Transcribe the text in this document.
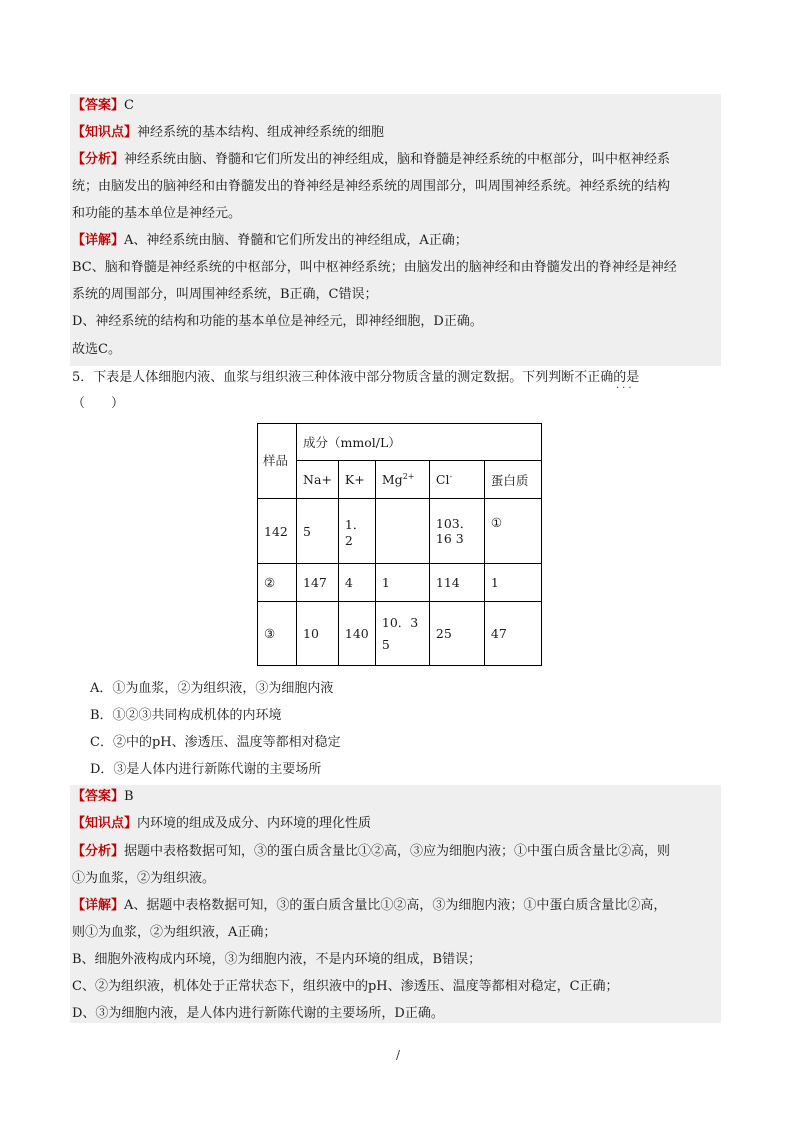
【答案】C
【知识点】神经系统的基本结构、组成神经系统的细胞
【分析】神经系统由脑、脊髓和它们所发出的神经组成，脑和脊髓是神经系统的中枢部分，叫中枢神经系
统；由脑发出的脑神经和由脊髓发出的脊神经是神经系统的周围部分，叫周围神经系统。神经系统的结构
和功能的基本单位是神经元。
【详解】A、神经系统由脑、脊髓和它们所发出的神经组成，A正确；
BC、脑和脊髓是神经系统的中枢部分，叫中枢神经系统；由脑发出的脑神经和由脊髓发出的脊神经是神经
系统的周围部分，叫周围神经系统，B正确，C错误；
D、神经系统的结构和功能的基本单位是神经元，即神经细胞，D正确。
故选C。
5．下表是人体细胞内液、血浆与组织液三种体液中部分物质含量的测定数据。下列判断不正确的是
···
（　　）
样品	成分（mmol/L）				
	Na+	K+	$Mg^{2+}$	Cl-	蛋白质
142	5	1．2		103．16 3	①
②	147	4	1	114	1
③	10	140	10．35	25	47
A．①为血浆，②为组织液，③为细胞内液
B．①②③共同构成机体的内环境
C．②中的pH、渗透压、温度等都相对稳定
D．③是人体内进行新陈代谢的主要场所
【答案】B
【知识点】内环境的组成及成分、内环境的理化性质
【分析】据题中表格数据可知，③的蛋白质含量比①②高，③应为细胞内液；①中蛋白质含量比②高，则
①为血浆，②为组织液。
【详解】A、据题中表格数据可知，③的蛋白质含量比①②高，③为细胞内液；①中蛋白质含量比②高，
则①为血浆，②为组织液，A正确；
B、细胞外液构成内环境，③为细胞内液，不是内环境的组成，B错误；
C、②为组织液，机体处于正常状态下，组织液中的pH、渗透压、温度等都相对稳定，C正确；
D、③为细胞内液，是人体内进行新陈代谢的主要场所，D正确。
/
